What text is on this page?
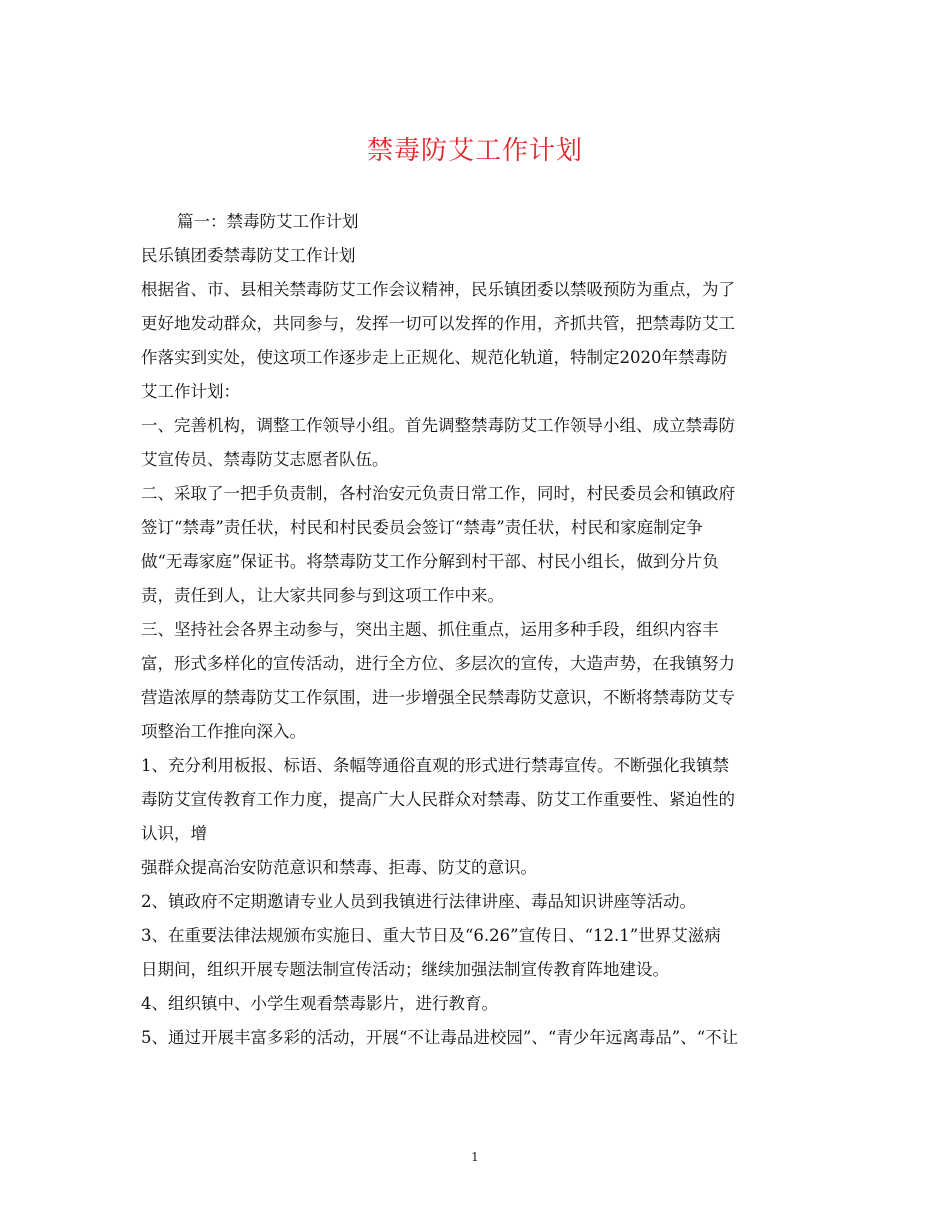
禁毒防艾工作计划
篇一：禁毒防艾工作计划
民乐镇团委禁毒防艾工作计划
根据省、市、县相关禁毒防艾工作会议精神，民乐镇团委以禁吸预防为重点，为了
更好地发动群众，共同参与，发挥一切可以发挥的作用，齐抓共管，把禁毒防艾工
作落实到实处，使这项工作逐步走上正规化、规范化轨道，特制定2020年禁毒防
艾工作计划：
一、完善机构，调整工作领导小组。首先调整禁毒防艾工作领导小组、成立禁毒防
艾宣传员、禁毒防艾志愿者队伍。
二、采取了一把手负责制，各村治安元负责日常工作，同时，村民委员会和镇政府
签订“禁毒”责任状，村民和村民委员会签订“禁毒”责任状，村民和家庭制定争
做“无毒家庭”保证书。将禁毒防艾工作分解到村干部、村民小组长，做到分片负
责，责任到人，让大家共同参与到这项工作中来。
三、坚持社会各界主动参与，突出主题、抓住重点，运用多种手段，组织内容丰
富，形式多样化的宣传活动，进行全方位、多层次的宣传，大造声势，在我镇努力
营造浓厚的禁毒防艾工作氛围，进一步增强全民禁毒防艾意识，不断将禁毒防艾专
项整治工作推向深入。
1、充分利用板报、标语、条幅等通俗直观的形式进行禁毒宣传。不断强化我镇禁
毒防艾宣传教育工作力度，提高广大人民群众对禁毒、防艾工作重要性、紧迫性的
认识，增
强群众提高治安防范意识和禁毒、拒毒、防艾的意识。
2、镇政府不定期邀请专业人员到我镇进行法律讲座、毒品知识讲座等活动。
3、在重要法律法规颁布实施日、重大节日及“6.26”宣传日、“12.1”世界艾滋病
日期间，组织开展专题法制宣传活动；继续加强法制宣传教育阵地建设。
4、组织镇中、小学生观看禁毒影片，进行教育。
5、通过开展丰富多彩的活动，开展“不让毒品进校园”、“青少年远离毒品”、“不让
1
